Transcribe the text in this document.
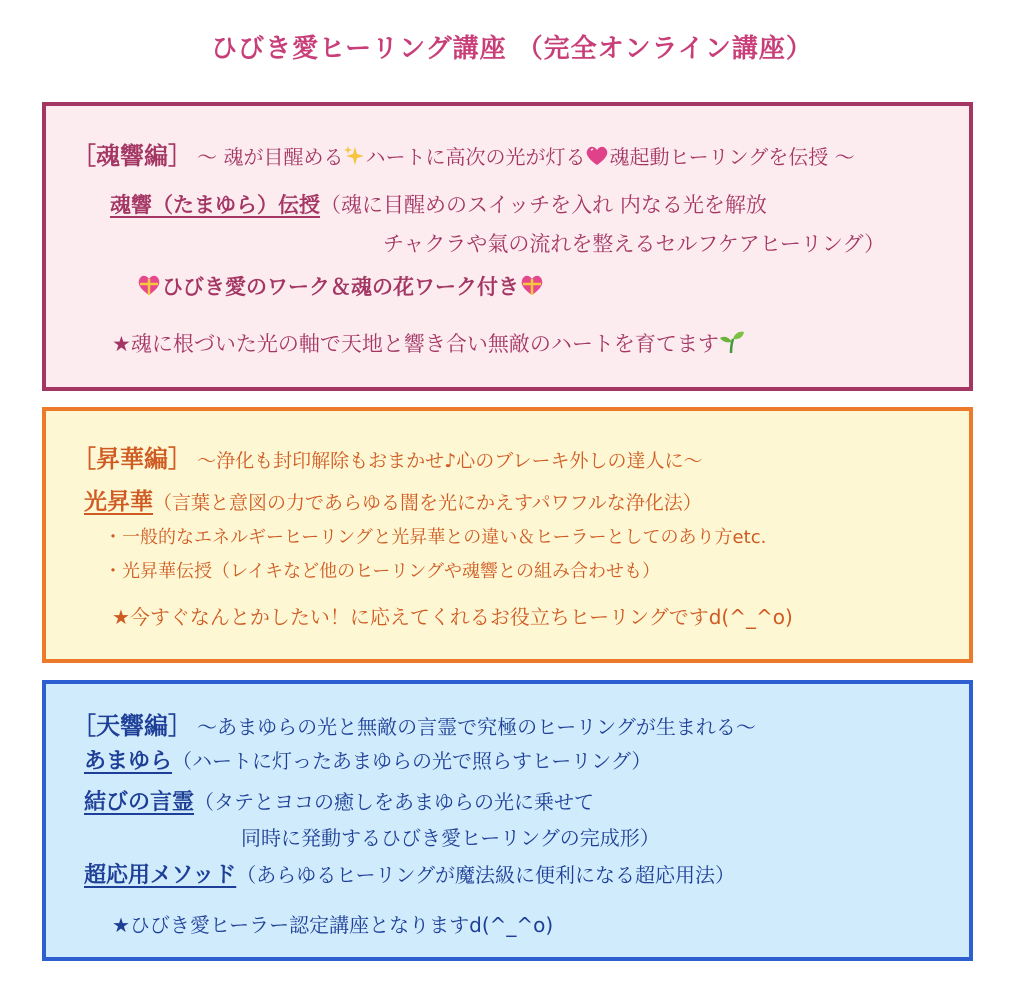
ひびき愛ヒーリング講座 （完全オンライン講座）
［魂響編］ 〜 魂が目醒める ハートに高次の光が灯る 魂起動ヒーリングを伝授 〜
魂響（たまゆら）伝授（魂に目醒めのスイッチを入れ 内なる光を解放
チャクラや氣の流れを整えるセルフケアヒーリング）
ひびき愛のワーク＆魂の花ワーク付き
★魂に根づいた光の軸で天地と響き合い無敵のハートを育てます
［昇華編］ 〜浄化も封印解除もおまかせ♪心のブレーキ外しの達人に〜
光昇華（言葉と意図の力であらゆる闇を光にかえすパワフルな浄化法）
・一般的なエネルギーヒーリングと光昇華との違い＆ヒーラーとしてのあり方etc.
・光昇華伝授（レイキなど他のヒーリングや魂響との組み合わせも）
★今すぐなんとかしたい！に応えてくれるお役立ちヒーリングですd(^_^o)
［天響編］ 〜あまゆらの光と無敵の言霊で究極のヒーリングが生まれる〜
あまゆら（ハートに灯ったあまゆらの光で照らすヒーリング）
結びの言霊（タテとヨコの癒しをあまゆらの光に乗せて
同時に発動するひびき愛ヒーリングの完成形）
超応用メソッド（あらゆるヒーリングが魔法級に便利になる超応用法）
★ひびき愛ヒーラー認定講座となりますd(^_^o)
